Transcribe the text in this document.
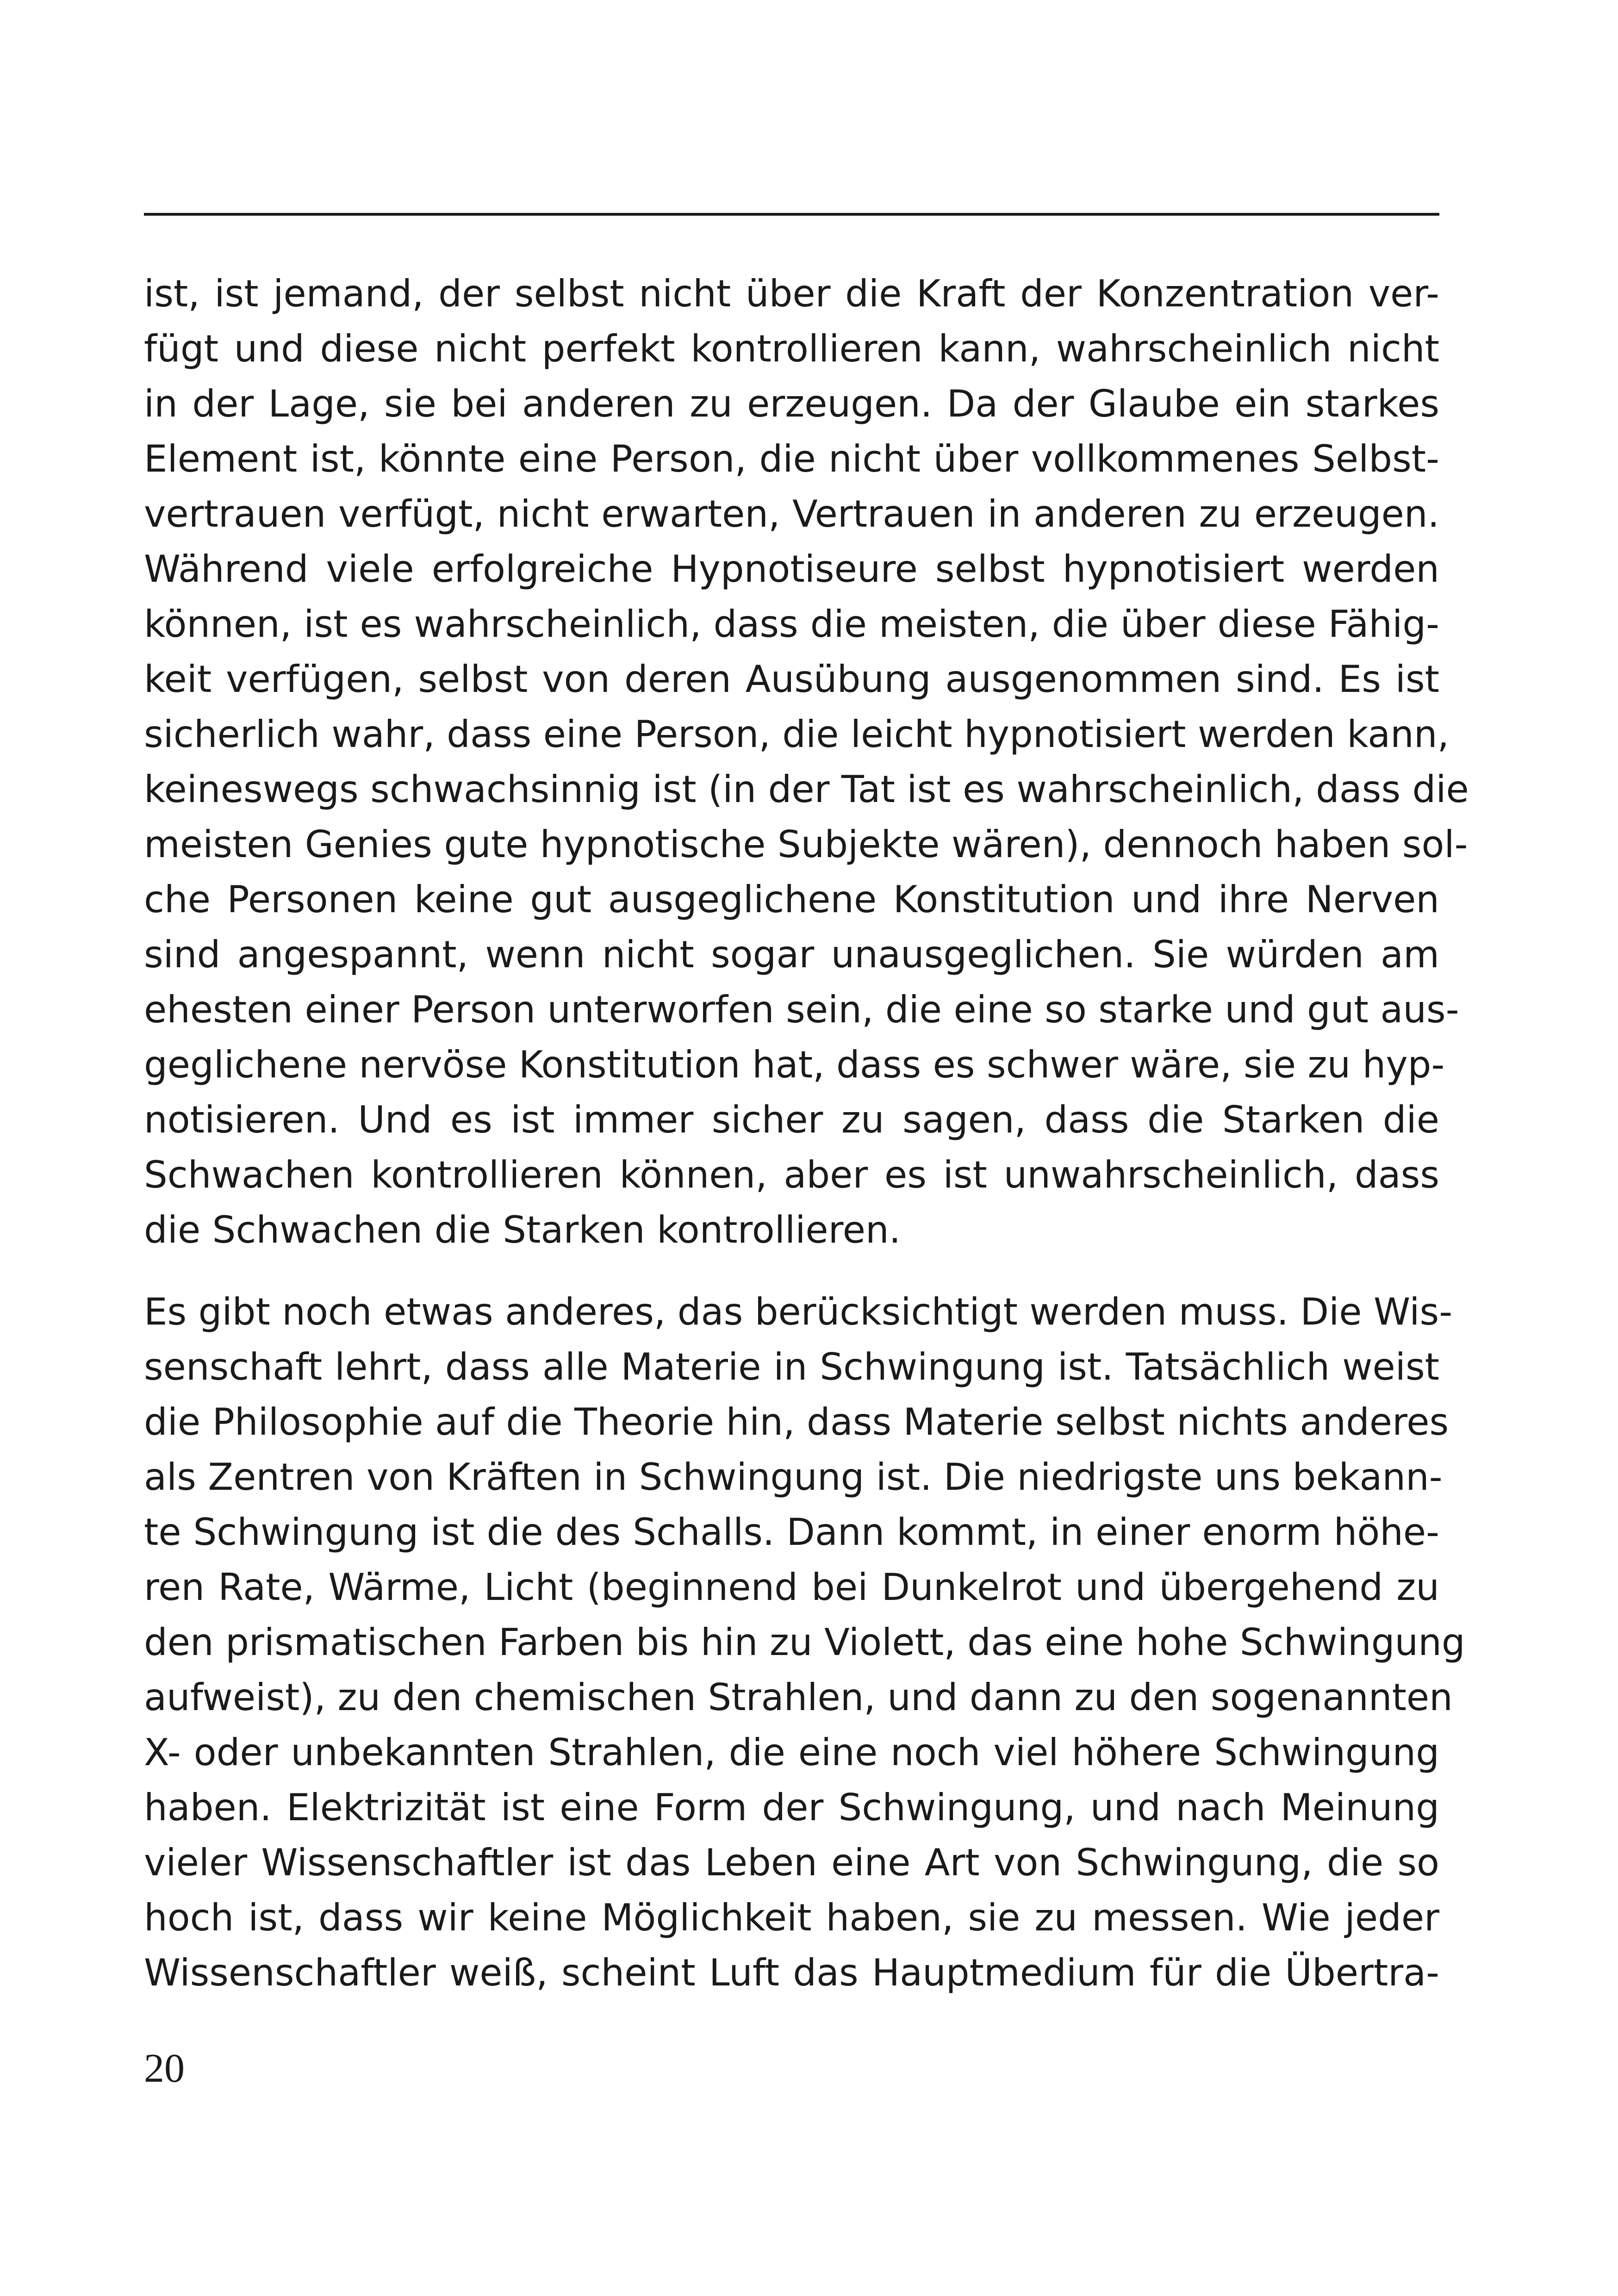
ist, ist jemand, der selbst nicht über die Kraft der Konzentration ver-
fügt und diese nicht perfekt kontrollieren kann, wahrscheinlich nicht
in der Lage, sie bei anderen zu erzeugen. Da der Glaube ein starkes
Element ist, könnte eine Person, die nicht über vollkommenes Selbst-
vertrauen verfügt, nicht erwarten, Vertrauen in anderen zu erzeugen.
Während viele erfolgreiche Hypnotiseure selbst hypnotisiert werden
können, ist es wahrscheinlich, dass die meisten, die über diese Fähig-
keit verfügen, selbst von deren Ausübung ausgenommen sind. Es ist
sicherlich wahr, dass eine Person, die leicht hypnotisiert werden kann,
keineswegs schwachsinnig ist (in der Tat ist es wahrscheinlich, dass die
meisten Genies gute hypnotische Subjekte wären), dennoch haben sol-
che Personen keine gut ausgeglichene Konstitution und ihre Nerven
sind angespannt, wenn nicht sogar unausgeglichen. Sie würden am
ehesten einer Person unterworfen sein, die eine so starke und gut aus-
geglichene nervöse Konstitution hat, dass es schwer wäre, sie zu hyp-
notisieren. Und es ist immer sicher zu sagen, dass die Starken die
Schwachen kontrollieren können, aber es ist unwahrscheinlich, dass
die Schwachen die Starken kontrollieren.
Es gibt noch etwas anderes, das berücksichtigt werden muss. Die Wis-
senschaft lehrt, dass alle Materie in Schwingung ist. Tatsächlich weist
die Philosophie auf die Theorie hin, dass Materie selbst nichts anderes
als Zentren von Kräften in Schwingung ist. Die niedrigste uns bekann-
te Schwingung ist die des Schalls. Dann kommt, in einer enorm höhe-
ren Rate, Wärme, Licht (beginnend bei Dunkelrot und übergehend zu
den prismatischen Farben bis hin zu Violett, das eine hohe Schwingung
aufweist), zu den chemischen Strahlen, und dann zu den sogenannten
X- oder unbekannten Strahlen, die eine noch viel höhere Schwingung
haben. Elektrizität ist eine Form der Schwingung, und nach Meinung
vieler Wissenschaftler ist das Leben eine Art von Schwingung, die so
hoch ist, dass wir keine Möglichkeit haben, sie zu messen. Wie jeder
Wissenschaftler weiß, scheint Luft das Hauptmedium für die Übertra-
20
